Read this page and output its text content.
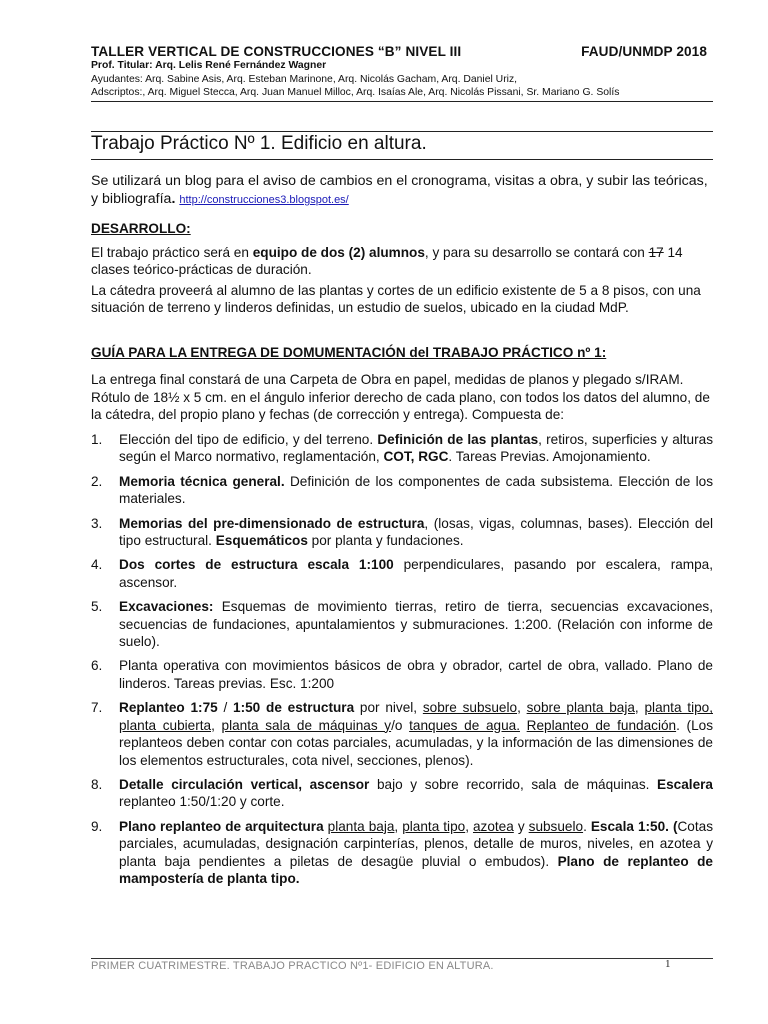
TALLER VERTICAL DE CONSTRUCCIONES “B” NIVEL III	FAUD/UNMDP 2018
Prof. Titular: Arq. Lelis René Fernández Wagner
Ayudantes: Arq. Sabine Asis, Arq. Esteban Marinone, Arq. Nicolás Gacham, Arq. Daniel Uriz,
Adscriptos:, Arq. Miguel Stecca, Arq. Juan Manuel Milloc, Arq. Isaías Ale, Arq. Nicolás Pissani, Sr. Mariano G. Solís
Trabajo Práctico Nº 1. Edificio en altura.
Se utilizará un blog para el aviso de cambios en el cronograma, visitas a obra, y subir las teóricas, y bibliografía. http://construcciones3.blogspot.es/
DESARROLLO:
El trabajo práctico será en equipo de dos (2) alumnos, y para su desarrollo se contará con 17 14 clases teórico-prácticas de duración.
La cátedra proveerá al alumno de las plantas y cortes de un edificio existente de 5 a 8 pisos, con una situación de terreno y linderos definidas, un estudio de suelos, ubicado en la ciudad MdP.
GUÍA PARA LA ENTREGA DE DOMUMENTACIÓN del TRABAJO PRÁCTICO nº 1:
La entrega final constará de una Carpeta de Obra en papel, medidas de planos y plegado s/IRAM. Rótulo de 18½ x 5 cm. en el ángulo inferior derecho de cada plano, con todos los datos del alumno, de la cátedra, del propio plano y fechas (de corrección y entrega). Compuesta de:
1. Elección del tipo de edificio, y del terreno. Definición de las plantas, retiros, superficies y alturas según el Marco normativo, reglamentación, COT, RGC. Tareas Previas. Amojonamiento.
2. Memoria técnica general. Definición de los componentes de cada subsistema. Elección de los materiales.
3. Memorias del pre-dimensionado de estructura, (losas, vigas, columnas, bases). Elección del tipo estructural. Esquemáticos por planta y fundaciones.
4. Dos cortes de estructura escala 1:100 perpendiculares, pasando por escalera, rampa, ascensor.
5. Excavaciones: Esquemas de movimiento tierras, retiro de tierra, secuencias excavaciones, secuencias de fundaciones, apuntalamientos y submuraciones. 1:200. (Relación con informe de suelo).
6. Planta operativa con movimientos básicos de obra y obrador, cartel de obra, vallado. Plano de linderos. Tareas previas. Esc. 1:200
7. Replanteo 1:75 / 1:50 de estructura por nivel, sobre subsuelo, sobre planta baja, planta tipo, planta cubierta, planta sala de máquinas y/o tanques de agua. Replanteo de fundación. (Los replanteos deben contar con cotas parciales, acumuladas, y la información de las dimensiones de los elementos estructurales, cota nivel, secciones, plenos).
8. Detalle circulación vertical, ascensor bajo y sobre recorrido, sala de máquinas. Escalera replanteo 1:50/1:20 y corte.
9. Plano replanteo de arquitectura planta baja, planta tipo, azotea y subsuelo. Escala 1:50. (Cotas parciales, acumuladas, designación carpinterías, plenos, detalle de muros, niveles, en azotea y planta baja pendientes a piletas de desagüe pluvial o embudos). Plano de replanteo de mampostería de planta tipo.
PRIMER CUATRIMESTRE. TRABAJO PRACTICO Nº1- EDIFICIO EN ALTURA.	1
